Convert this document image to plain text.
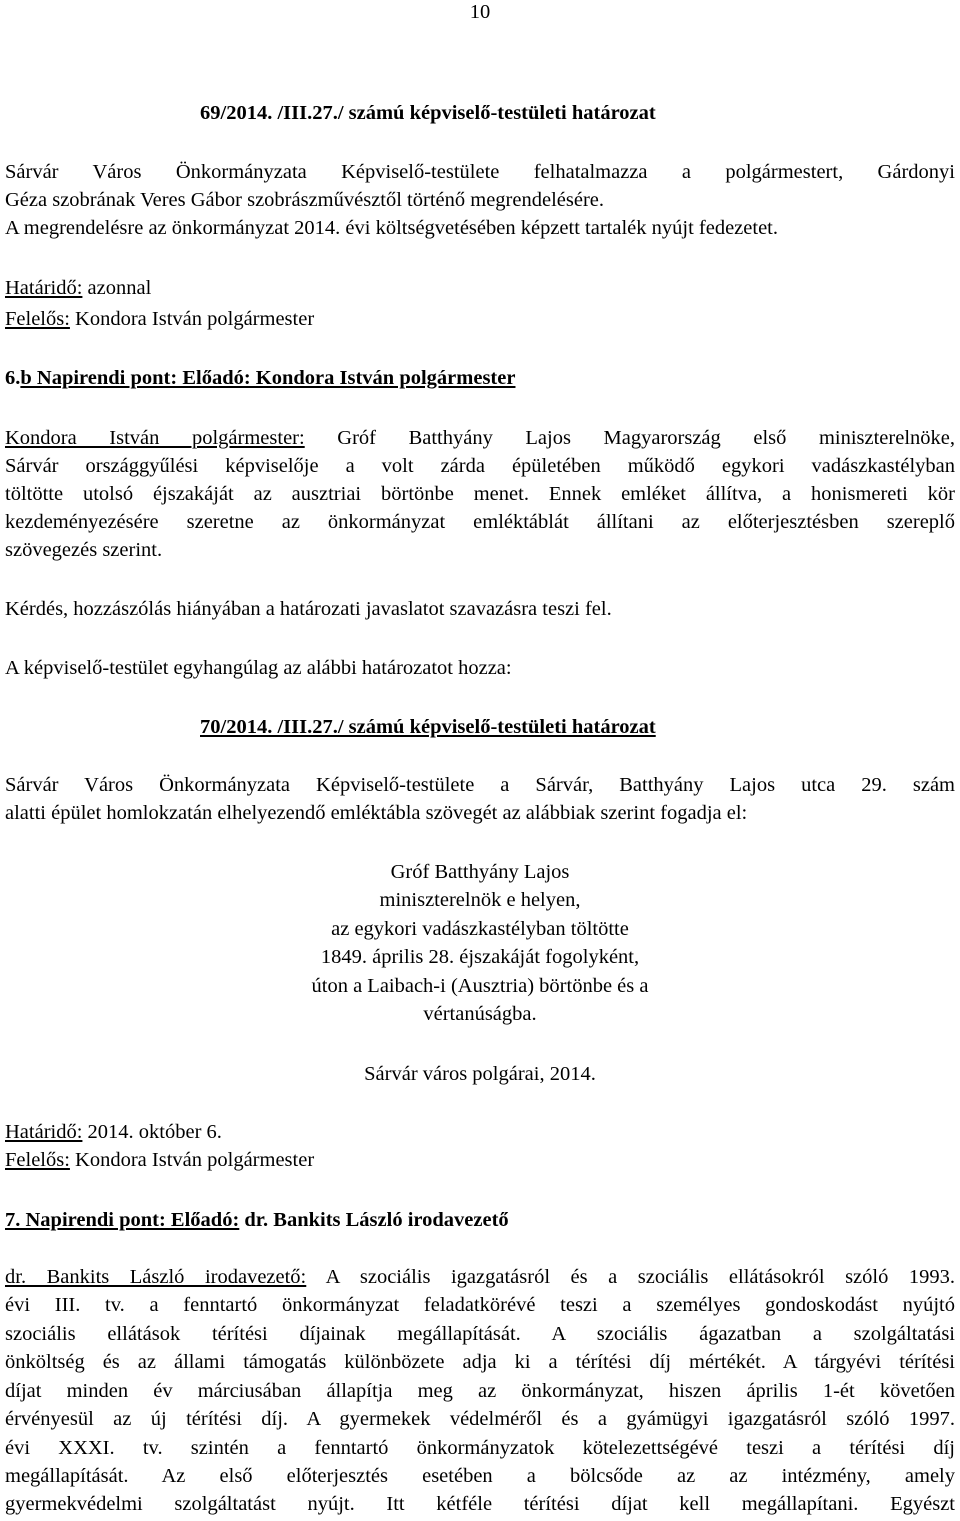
10
69/2014. /III.27./ számú képviselő-testületi határozat
Sárvár Város Önkormányzata Képviselő-testülete felhatalmazza a polgármestert, Gárdonyi
Géza szobrának Veres Gábor szobrászművésztől történő megrendelésére.
A megrendelésre az önkormányzat 2014. évi költségvetésében képzett tartalék nyújt fedezetet.
Határidő: azonnal
Felelős: Kondora István polgármester
6.b Napirendi pont: Előadó: Kondora István polgármester
Kondora István polgármester: Gróf Batthyány Lajos Magyarország első miniszterelnöke,
Sárvár országgyűlési képviselője a volt zárda épületében működő egykori vadászkastélyban
töltötte utolsó éjszakáját az ausztriai börtönbe menet. Ennek emléket állítva, a honismereti kör
kezdeményezésére szeretne az önkormányzat emléktáblát állítani az előterjesztésben szereplő
szövegezés szerint.
Kérdés, hozzászólás hiányában a határozati javaslatot szavazásra teszi fel.
A képviselő-testület egyhangúlag az alábbi határozatot hozza:
70/2014. /III.27./ számú képviselő-testületi határozat
Sárvár Város Önkormányzata Képviselő-testülete a Sárvár, Batthyány Lajos utca 29. szám
alatti épület homlokzatán elhelyezendő emléktábla szövegét az alábbiak szerint fogadja el:
Gróf Batthyány Lajos
miniszterelnök e helyen,
az egykori vadászkastélyban töltötte
1849. április 28. éjszakáját fogolyként,
úton a Laibach-i (Ausztria) börtönbe és a
vértanúságba.
Sárvár város polgárai, 2014.
Határidő: 2014. október 6.
Felelős: Kondora István polgármester
7. Napirendi pont: Előadó: dr. Bankits László irodavezető
dr. Bankits László irodavezető: A szociális igazgatásról és a szociális ellátásokról szóló 1993.
évi III. tv. a fenntartó önkormányzat feladatkörévé teszi a személyes gondoskodást nyújtó
szociális ellátások térítési díjainak megállapítását. A szociális ágazatban a szolgáltatási
önköltség és az állami támogatás különbözete adja ki a térítési díj mértékét. A tárgyévi térítési
díjat minden év márciusában állapítja meg az önkormányzat, hiszen április 1-ét követően
érvényesül az új térítési díj. A gyermekek védelméről és a gyámügyi igazgatásról szóló 1997.
évi XXXI. tv. szintén a fenntartó önkormányzatok kötelezettségévé teszi a térítési díj
megállapítását. Az első előterjesztés esetében a bölcsőde az az intézmény, amely
gyermekvédelmi szolgáltatást nyújt. Itt kétféle térítési díjat kell megállapítani. Egyészt
